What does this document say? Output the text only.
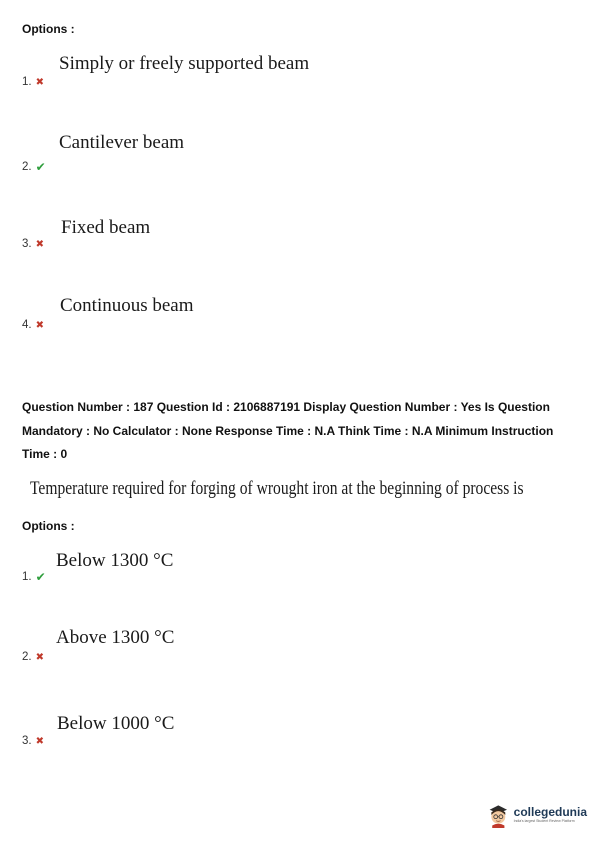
Options :
Simply or freely supported beam
1. ✖
Cantilever beam
2. ✔
Fixed beam
3. ✖
Continuous beam
4. ✖
Question Number : 187 Question Id : 2106887191 Display Question Number : Yes Is Question Mandatory : No Calculator : None Response Time : N.A Think Time : N.A Minimum Instruction Time : 0
Temperature required for forging of wrought iron at the beginning of process is
Options :
Below 1300 °C
1. ✔
Above 1300 °C
2. ✖
Below 1000 °C
3. ✖
collegedunia
India's largest Student Review Platform
